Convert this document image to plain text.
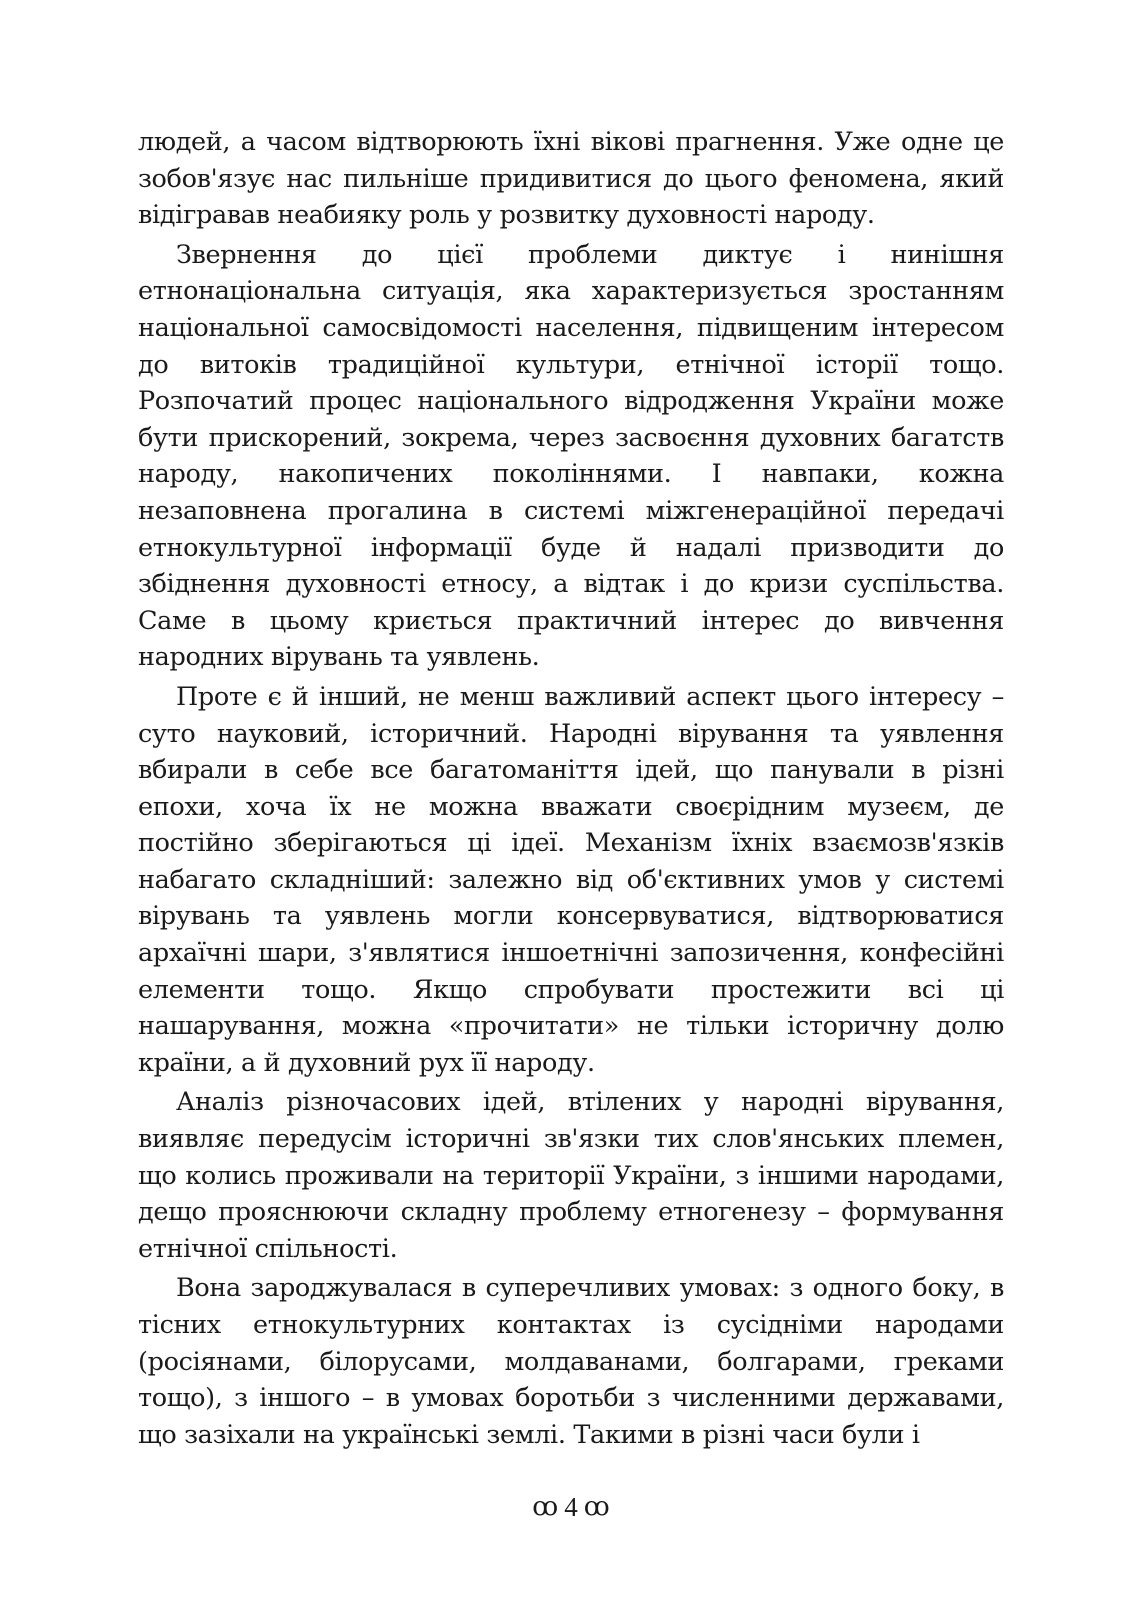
людей, а часом відтворюють їхні вікові прагнення. Уже одне це зобов'язує нас пильніше придивитися до цього феномена, який відігравав неабияку роль у розвитку духовності народу.

Звернення до цієї проблеми диктує і нинішня етнонаціональна ситуація, яка характеризується зростанням національної самосвідомості населення, підвищеним інтересом до витоків традиційної культури, етнічної історії тощо. Розпочатий процес національного відродження України може бути прискорений, зокрема, через засвоєння духовних багатств народу, накопичених поколіннями. І навпаки, кожна незаповнена прогалина в системі міжгенераційної передачі етнокультурної інформації буде й надалі призводити до збіднення духовності етносу, а відтак і до кризи суспільства. Саме в цьому криється практичний інтерес до вивчення народних вірувань та уявлень.

Проте є й інший, не менш важливий аспект цього інтересу – суто науковий, історичний. Народні вірування та уявлення вбирали в себе все багатоманіття ідей, що панували в різні епохи, хоча їх не можна вважати своєрідним музеєм, де постійно зберігаються ці ідеї. Механізм їхніх взаємозв'язків набагато складніший: залежно від об'єктивних умов у системі вірувань та уявлень могли консервуватися, відтворюватися архаїчні шари, з'являтися іншоетнічні запозичення, конфесійні елементи тощо. Якщо спробувати простежити всі ці нашарування, можна «прочитати» не тільки історичну долю країни, а й духовний рух її народу.

Аналіз різночасових ідей, втілених у народні вірування, виявляє передусім історичні зв'язки тих слов'янських племен, що колись проживали на території України, з іншими народами, дещо прояснюючи складну проблему етногенезу – формування етнічної спільності.

Вона зароджувалася в суперечливих умовах: з одного боку, в тісних етнокультурних контактах із сусідніми народами (росіянами, білорусами, молдаванами, болгарами, греками тощо), з іншого – в умовах боротьби з численними державами, що зазіхали на українські землі. Такими в різні часи були і

ꝏ 4 ꝏ
